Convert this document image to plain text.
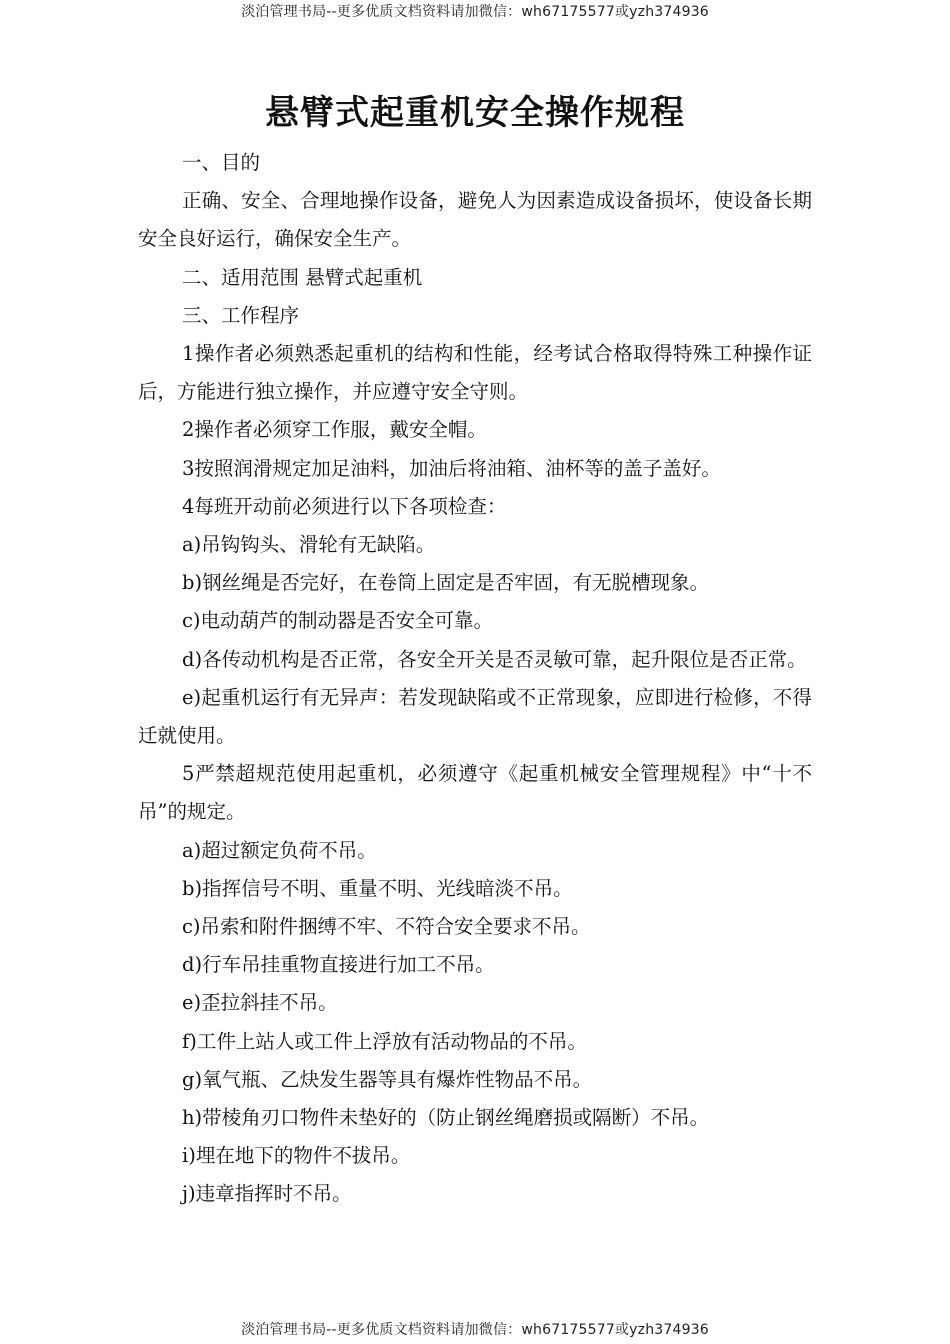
淡泊管理书局--更多优质文档资料请加微信：wh67175577或yzh374936
悬臂式起重机安全操作规程

一、目的

正确、安全、合理地操作设备，避免人为因素造成设备损坏，使设备长期安全良好运行，确保安全生产。

二、适用范围 悬臂式起重机

三、工作程序

1操作者必须熟悉起重机的结构和性能，经考试合格取得特殊工种操作证后，方能进行独立操作，并应遵守安全守则。

2操作者必须穿工作服，戴安全帽。

3按照润滑规定加足油料，加油后将油箱、油杯等的盖子盖好。

4每班开动前必须进行以下各项检查：

a)吊钩钩头、滑轮有无缺陷。

b)钢丝绳是否完好，在卷筒上固定是否牢固，有无脱槽现象。

c)电动葫芦的制动器是否安全可靠。

d)各传动机构是否正常，各安全开关是否灵敏可靠，起升限位是否正常。

e)起重机运行有无异声：若发现缺陷或不正常现象，应即进行检修，不得迁就使用。

5严禁超规范使用起重机，必须遵守《起重机械安全管理规程》中“十不吊”的规定。

a)超过额定负荷不吊。

b)指挥信号不明、重量不明、光线暗淡不吊。

c)吊索和附件捆缚不牢、不符合安全要求不吊。

d)行车吊挂重物直接进行加工不吊。

e)歪拉斜挂不吊。

f)工件上站人或工件上浮放有活动物品的不吊。

g)氧气瓶、乙炔发生器等具有爆炸性物品不吊。

h)带棱角刃口物件未垫好的（防止钢丝绳磨损或隔断）不吊。

i)埋在地下的物件不拔吊。

j)违章指挥时不吊。

淡泊管理书局--更多优质文档资料请加微信：wh67175577或yzh374936
